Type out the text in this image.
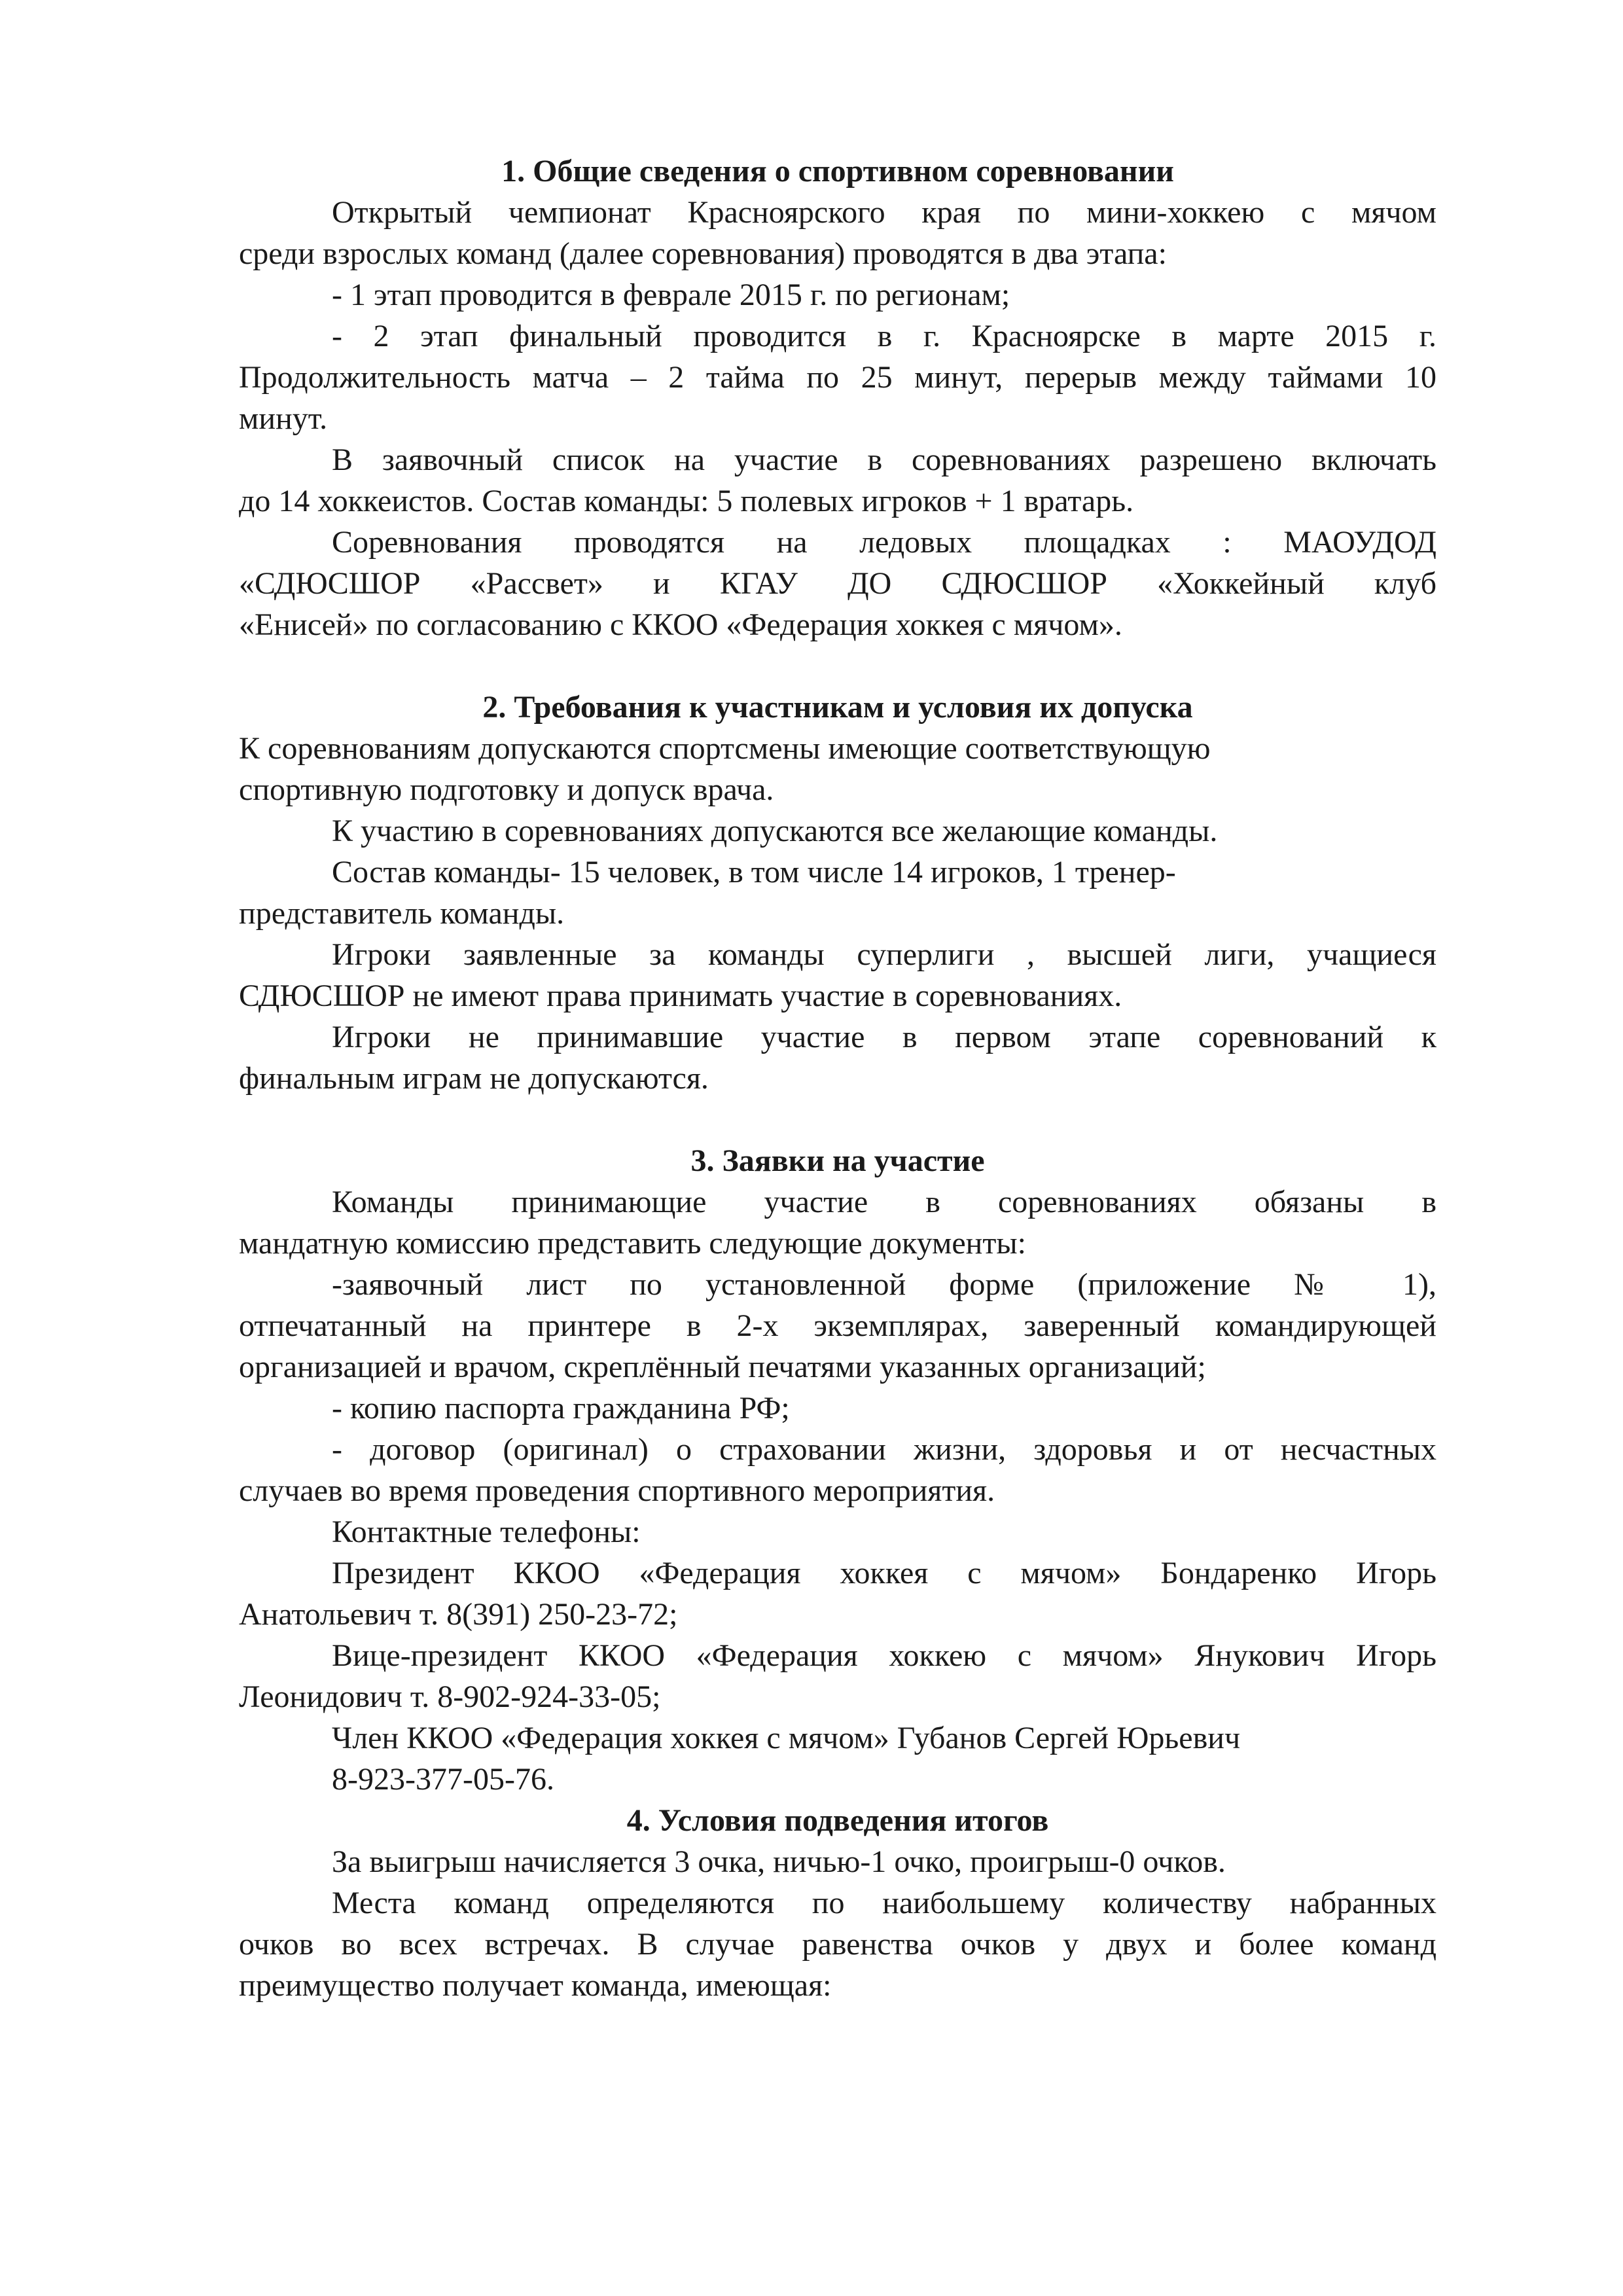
1. Общие сведения о спортивном соревновании

Открытый чемпионат Красноярского края по мини-хоккею с мячом
среди взрослых команд (далее соревнования) проводятся в два этапа:
- 1 этап проводится в феврале 2015 г. по регионам;
- 2 этап финальный проводится в г. Красноярске в марте 2015 г.
Продолжительность матча – 2 тайма по 25 минут, перерыв между таймами 10
минут.
В заявочный список на участие в соревнованиях разрешено включать
до 14 хоккеистов. Состав команды: 5 полевых игроков + 1 вратарь.
Соревнования проводятся на ледовых площадках : МАОУДОД
«СДЮСШОР «Рассвет» и КГАУ ДО СДЮСШОР «Хоккейный клуб
«Енисей» по согласованию с ККОО «Федерация хоккея с мячом».

2. Требования к участникам и условия их допуска

К соревнованиям допускаются спортсмены имеющие соответствующую
спортивную подготовку и допуск врача.
К участию в соревнованиях допускаются все желающие команды.
Состав команды- 15 человек, в том числе 14 игроков, 1 тренер-
представитель команды.
Игроки заявленные за команды суперлиги , высшей лиги, учащиеся
СДЮСШОР не имеют права принимать участие в соревнованиях.
Игроки не принимавшие участие в первом этапе соревнований к
финальным играм не допускаются.

3. Заявки на участие

Команды принимающие участие в соревнованиях обязаны в
мандатную комиссию представить следующие документы:
-заявочный лист по установленной форме (приложение № 1),
отпечатанный на принтере в 2-х экземплярах, заверенный командирующей
организацией и врачом, скреплённый печатями указанных организаций;
- копию паспорта гражданина РФ;
- договор (оригинал) о страховании жизни, здоровья и от несчастных
случаев во время проведения спортивного мероприятия.
Контактные телефоны:
Президент ККОО «Федерация хоккея с мячом» Бондаренко Игорь
Анатольевич т. 8(391) 250-23-72;
Вице-президент ККОО «Федерация хоккею с мячом» Янукович Игорь
Леонидович т. 8-902-924-33-05;
Член ККОО «Федерация хоккея с мячом» Губанов Сергей Юрьевич
8-923-377-05-76.

4. Условия подведения итогов

За выигрыш начисляется 3 очка, ничью-1 очко, проигрыш-0 очков.
Места команд определяются по наибольшему количеству набранных
очков во всех встречах. В случае равенства очков у двух и более команд
преимущество получает команда, имеющая:
